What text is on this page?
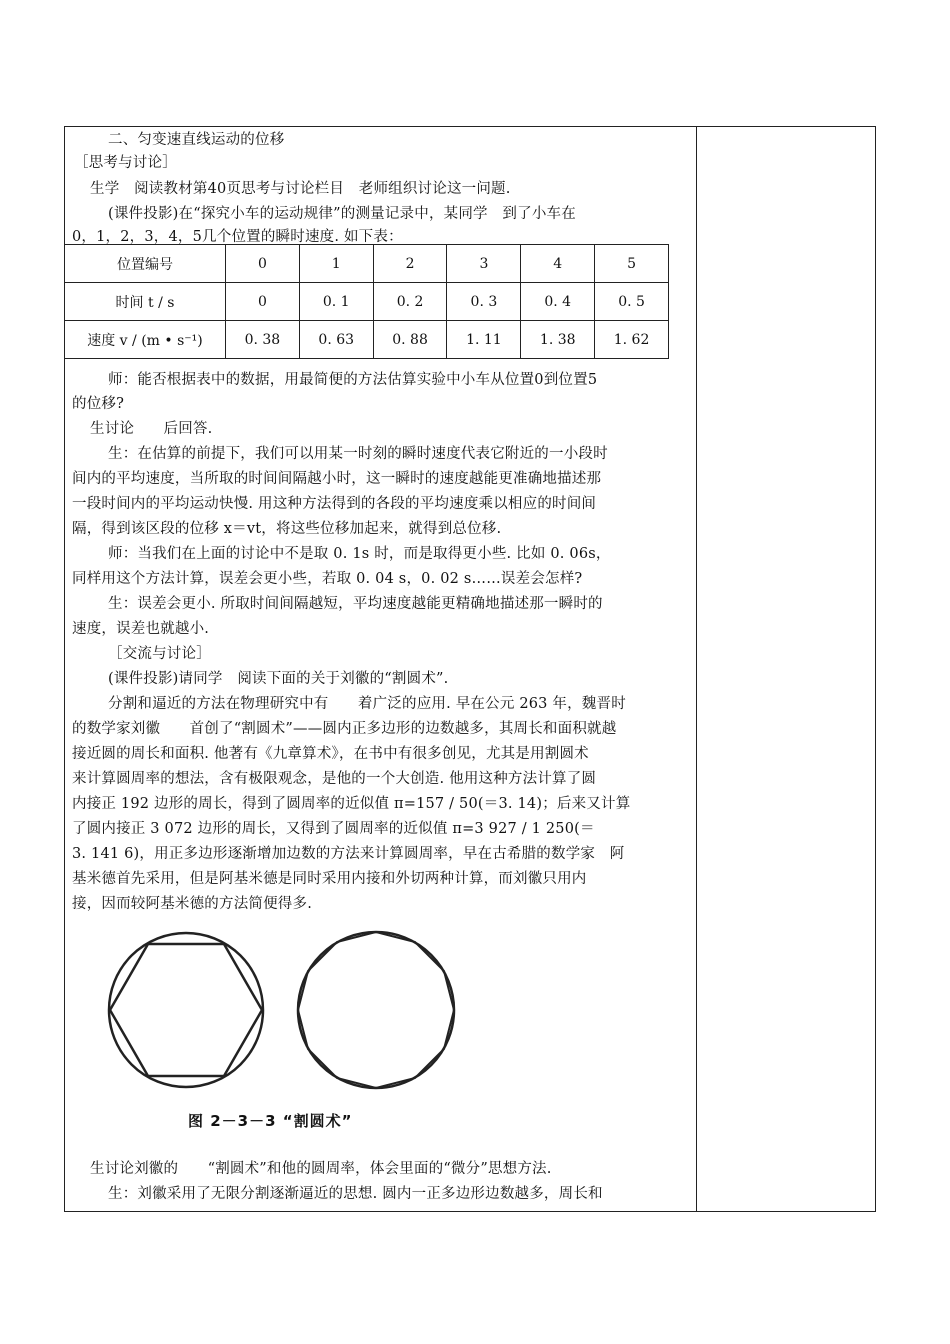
二、匀变速直线运动的位移
［思考与讨论］
生学　阅读教材第40页思考与讨论栏目　老师组织讨论这一问题.
(课件投影)在“探究小车的运动规律”的测量记录中，某同学　到了小车在
0，1，2，3，4，5几个位置的瞬时速度. 如下表：
位置编号	0	1	2	3	4	5
时间 t / s	0	0. 1	0. 2	0. 3	0. 4	0. 5
速度 v / (m • s⁻¹)	0. 38	0. 63	0. 88	1. 11	1. 38	1. 62
师：能否根据表中的数据，用最简便的方法估算实验中小车从位置0到位置5
的位移?
生讨论　　后回答.
生：在估算的前提下，我们可以用某一时刻的瞬时速度代表它附近的一小段时
间内的平均速度，当所取的时间间隔越小时，这一瞬时的速度越能更准确地描述那
一段时间内的平均运动快慢. 用这种方法得到的各段的平均速度乘以相应的时间间
隔，得到该区段的位移 x＝vt，将这些位移加起来，就得到总位移.
师：当我们在上面的讨论中不是取 0. 1s 时，而是取得更小些. 比如 0. 06s，
同样用这个方法计算，误差会更小些，若取 0. 04 s，0. 02 s……误差会怎样?
生：误差会更小. 所取时间间隔越短，平均速度越能更精确地描述那一瞬时的
速度，误差也就越小.
［交流与讨论］
(课件投影)请同学　阅读下面的关于刘徽的“割圆术”.
分割和逼近的方法在物理研究中有　　着广泛的应用. 早在公元 263 年，魏晋时
的数学家刘徽　　首创了“割圆术”——圆内正多边形的边数越多，其周长和面积就越
接近圆的周长和面积. 他著有《九章算术》，在书中有很多创见，尤其是用割圆术
来计算圆周率的想法，含有极限观念，是他的一个大创造. 他用这种方法计算了圆
内接正 192 边形的周长，得到了圆周率的近似值 π=157 / 50(＝3. 14)；后来又计算
了圆内接正 3 072 边形的周长，又得到了圆周率的近似值 π=3 927 / 1 250(＝
3. 141 6)，用正多边形逐渐增加边数的方法来计算圆周率，早在古希腊的数学家　阿
基米德首先采用，但是阿基米德是同时采用内接和外切两种计算，而刘徽只用内
接，因而较阿基米德的方法简便得多.
图 2－3－3 “割圆术”
生讨论刘徽的　　“割圆术”和他的圆周率，体会里面的“微分”思想方法.
生：刘徽采用了无限分割逐渐逼近的思想. 圆内一正多边形边数越多，周长和
